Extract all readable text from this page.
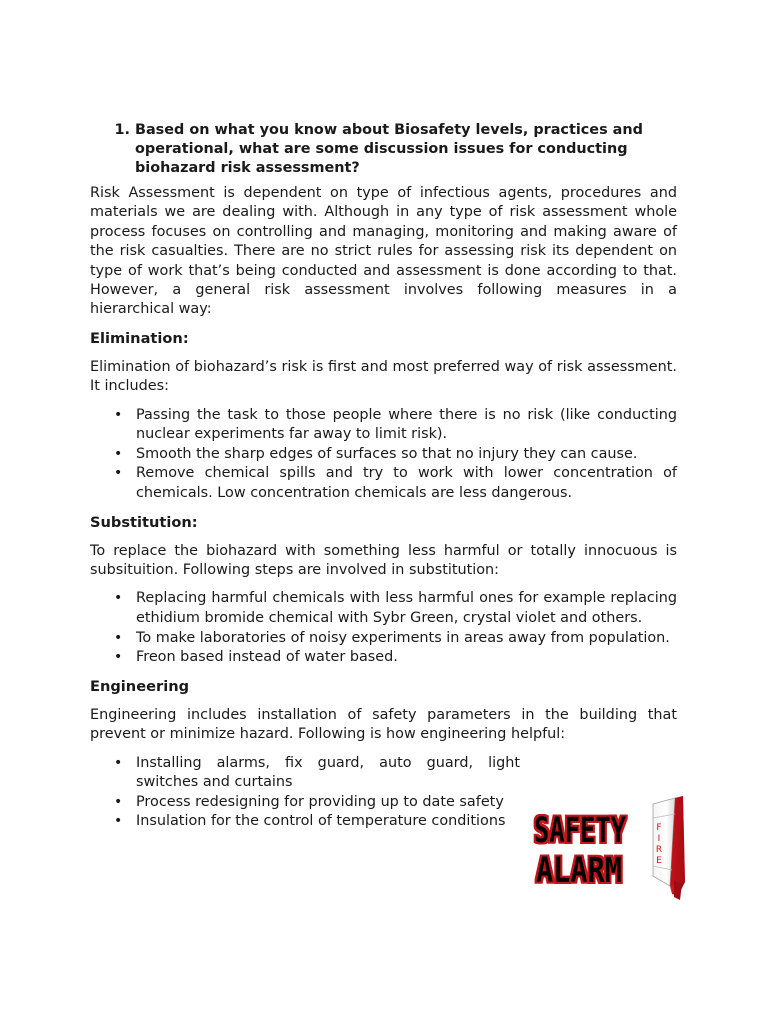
1. Based on what you know about Biosafety levels, practices and operational, what are some discussion issues for conducting biohazard risk assessment?

Risk Assessment is dependent on type of infectious agents, procedures and materials we are dealing with. Although in any type of risk assessment whole process focuses on controlling and managing, monitoring and making aware of the risk casualties. There are no strict rules for assessing risk its dependent on type of work that’s being conducted and assessment is done according to that. However, a general risk assessment involves following measures in a hierarchical way:

Elimination:

Elimination of biohazard’s risk is first and most preferred way of risk assessment. It includes:

• Passing the task to those people where there is no risk (like conducting nuclear experiments far away to limit risk).
• Smooth the sharp edges of surfaces so that no injury they can cause.
• Remove chemical spills and try to work with lower concentration of chemicals. Low concentration chemicals are less dangerous.
Substitution:

To replace the biohazard with something less harmful or totally innocuous is subsituition. Following steps are involved in substitution:

• Replacing harmful chemicals with less harmful ones for example replacing ethidium bromide chemical with Sybr Green, crystal violet and others.
• To make laboratories of noisy experiments in areas away from population.
• Freon based instead of water based.
Engineering

Engineering includes installation of safety parameters in the building that prevent or minimize hazard. Following is how engineering helpful:

• Installing alarms, fix guard, auto guard, light switches and curtains
• Process redesigning for providing up to date safety
• Insulation for the control of temperature conditions SAFETY
ALARM
F
I
R
E
